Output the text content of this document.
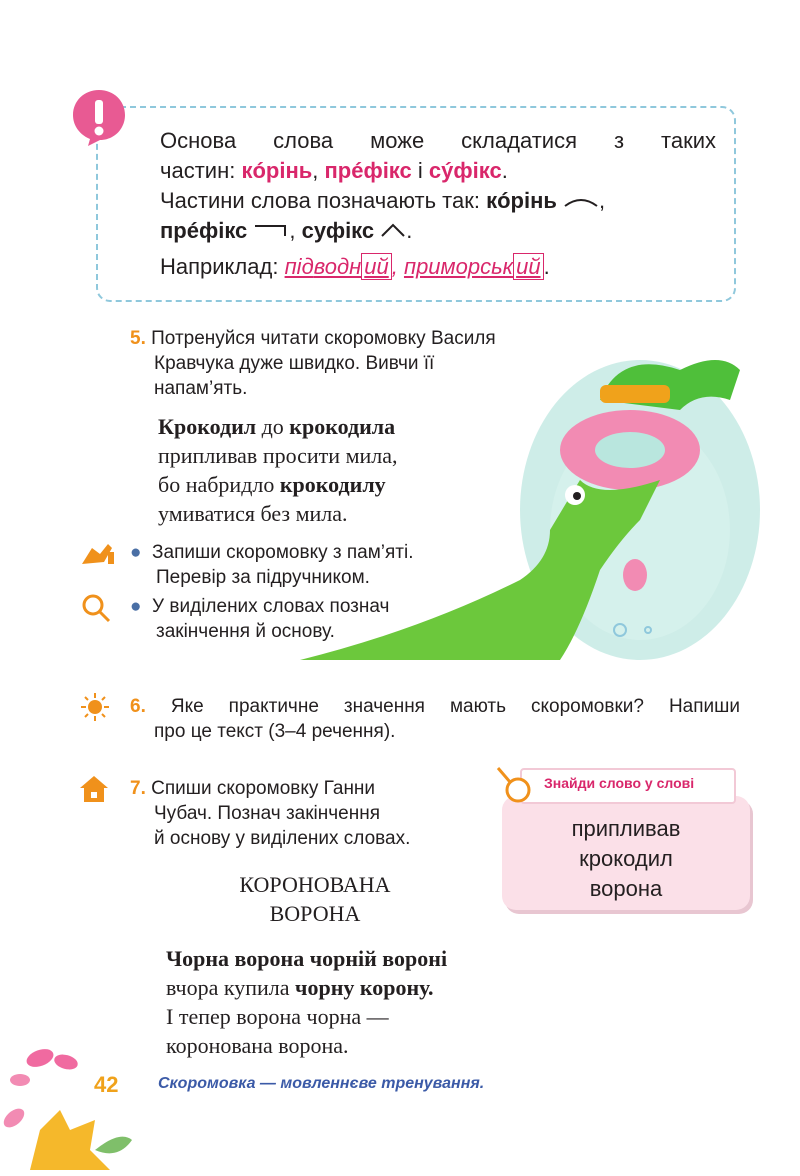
Основа слова може складатися з таких
частин: кóрінь, прéфікс і сýфікс.
Частини слова позначають так: кóрінь ,
прéфікс , суфікс .
Наприклад: підводн ий , приморськ ий .
5. Потренуйся читати скоромовку Василя
Кравчука дуже швидко. Вивчи її
напам’ять.
Крокодил до крокодила
припливав просити мила,
бо набридло крокодилу
умиватися без мила.
● Запиши скоромовку з пам’яті.
Перевір за підручником.
● У виділених словах познач
закінчення й основу.
6. Яке практичне значення мають скоромовки? Напиши
про це текст (3–4 речення).
7. Спиши скоромовку Ганни
Чубач. Познач закінчення
й основу у виділених словах.
КОРОНОВАНА
ВОРОНА
Чорна ворона чорній вороні
вчора купила чорну корону.
І тепер ворона чорна —
коронована ворона.
Знайди слово у слові
припливав
крокодил
ворона
42 Скоромовка — мовленнєве тренування.
